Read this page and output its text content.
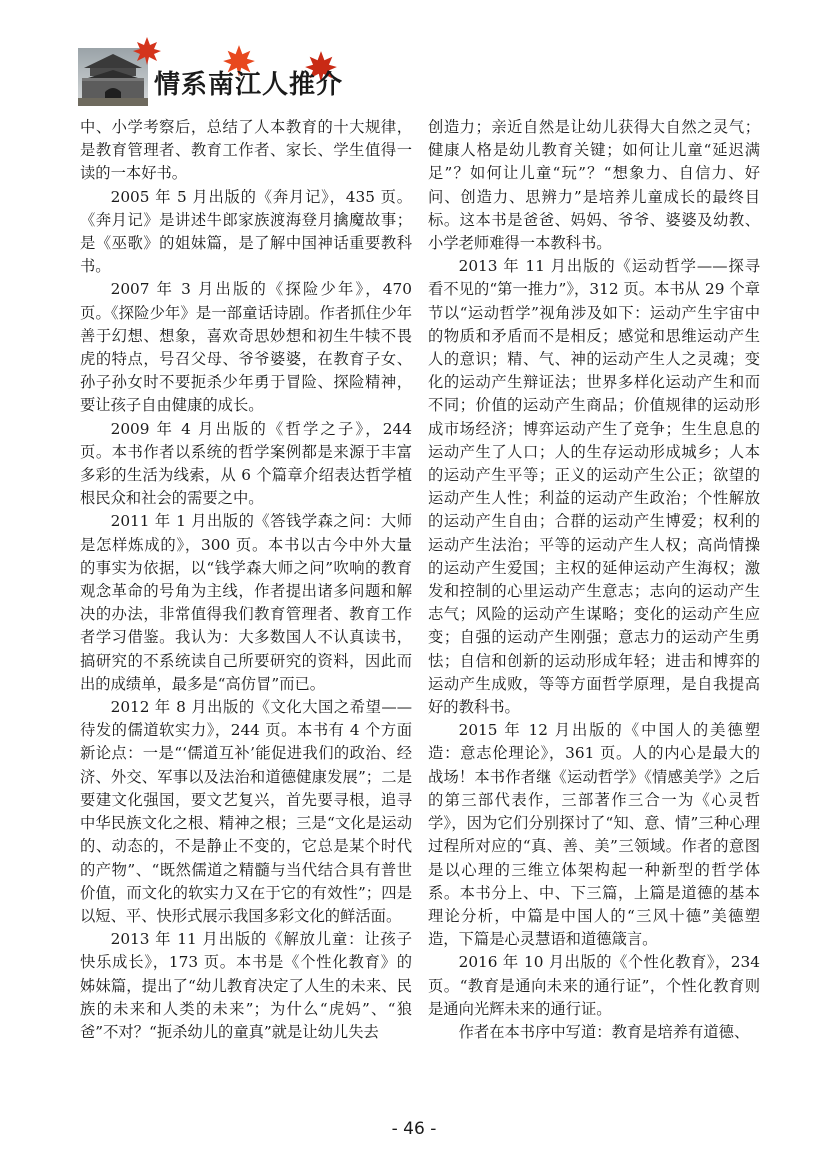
情系南江人推介

中、小学考察后，总结了人本教育的十大规律，是教育管理者、教育工作者、家长、学生值得一读的一本好书。

2005 年 5 月出版的《奔月记》，435 页。《奔月记》是讲述牛郎家族渡海登月擒魔故事；是《巫歌》的姐妹篇，是了解中国神话重要教科书。

2007 年 3 月出版的《探险少年》，470 页。《探险少年》是一部童话诗剧。作者抓住少年善于幻想、想象，喜欢奇思妙想和初生牛犊不畏虎的特点，号召父母、爷爷婆婆，在教育子女、孙子孙女时不要扼杀少年勇于冒险、探险精神，要让孩子自由健康的成长。

2009 年 4 月出版的《哲学之子》，244 页。本书作者以系统的哲学案例都是来源于丰富多彩的生活为线索，从 6 个篇章介绍表达哲学植根民众和社会的需要之中。

2011 年 1 月出版的《答钱学森之问：大师是怎样炼成的》，300 页。本书以古今中外大量的事实为依据，以“钱学森大师之问”吹响的教育观念革命的号角为主线，作者提出诸多问题和解决的办法，非常值得我们教育管理者、教育工作者学习借鉴。我认为：大多数国人不认真读书，搞研究的不系统读自己所要研究的资料，因此而出的成绩单，最多是“高仿冒”而已。

2012 年 8 月出版的《文化大国之希望——待发的儒道软实力》，244 页。本书有 4 个方面新论点：一是“‘儒道互补’能促进我们的政治、经济、外交、军事以及法治和道德健康发展”；二是要建文化强国，要文艺复兴，首先要寻根，追寻中华民族文化之根、精神之根；三是“文化是运动的、动态的，不是静止不变的，它总是某个时代的产物”、“既然儒道之精髓与当代结合具有普世价值，而文化的软实力又在于它的有效性”；四是以短、平、快形式展示我国多彩文化的鲜活面。

2013 年 11 月出版的《解放儿童：让孩子快乐成长》，173 页。本书是《个性化教育》的姊妹篇，提出了“幼儿教育决定了人生的未来、民族的未来和人类的未来”；为什么“虎妈”、“狼爸”不对？“扼杀幼儿的童真”就是让幼儿失去

创造力；亲近自然是让幼儿获得大自然之灵气；健康人格是幼儿教育关键；如何让儿童“延迟满足”？如何让儿童“玩”？“想象力、自信力、好问、创造力、思辨力”是培养儿童成长的最终目标。这本书是爸爸、妈妈、爷爷、婆婆及幼教、小学老师难得一本教科书。

2013 年 11 月出版的《运动哲学——探寻看不见的“第一推力”》，312 页。本书从 29 个章节以“运动哲学”视角涉及如下：运动产生宇宙中的物质和矛盾而不是相反；感觉和思维运动产生人的意识；精、气、神的运动产生人之灵魂；变化的运动产生辩证法；世界多样化运动产生和而不同；价值的运动产生商品；价值规律的运动形成市场经济；博弈运动产生了竞争；生生息息的运动产生了人口；人的生存运动形成城乡；人本的运动产生平等；正义的运动产生公正；欲望的运动产生人性；利益的运动产生政治；个性解放的运动产生自由；合群的运动产生博爱；权利的运动产生法治；平等的运动产生人权；高尚情操的运动产生爱国；主权的延伸运动产生海权；激发和控制的心里运动产生意志；志向的运动产生志气；风险的运动产生谋略；变化的运动产生应变；自强的运动产生刚强；意志力的运动产生勇怯；自信和创新的运动形成年轻；进击和博弈的运动产生成败，等等方面哲学原理，是自我提高好的教科书。

2015 年 12 月出版的《中国人的美德塑造：意志伦理论》，361 页。人的内心是最大的战场！本书作者继《运动哲学》《情感美学》之后的第三部代表作，三部著作三合一为《心灵哲学》，因为它们分别探讨了“知、意、情”三种心理过程所对应的“真、善、美”三领域。作者的意图是以心理的三维立体架构起一种新型的哲学体系。本书分上、中、下三篇，上篇是道德的基本理论分析，中篇是中国人的“三风十德”美德塑造，下篇是心灵慧语和道德箴言。

2016 年 10 月出版的《个性化教育》，234 页。“教育是通向未来的通行证”，个性化教育则是通向光辉未来的通行证。

作者在本书序中写道：教育是培养有道德、

- 46 -
